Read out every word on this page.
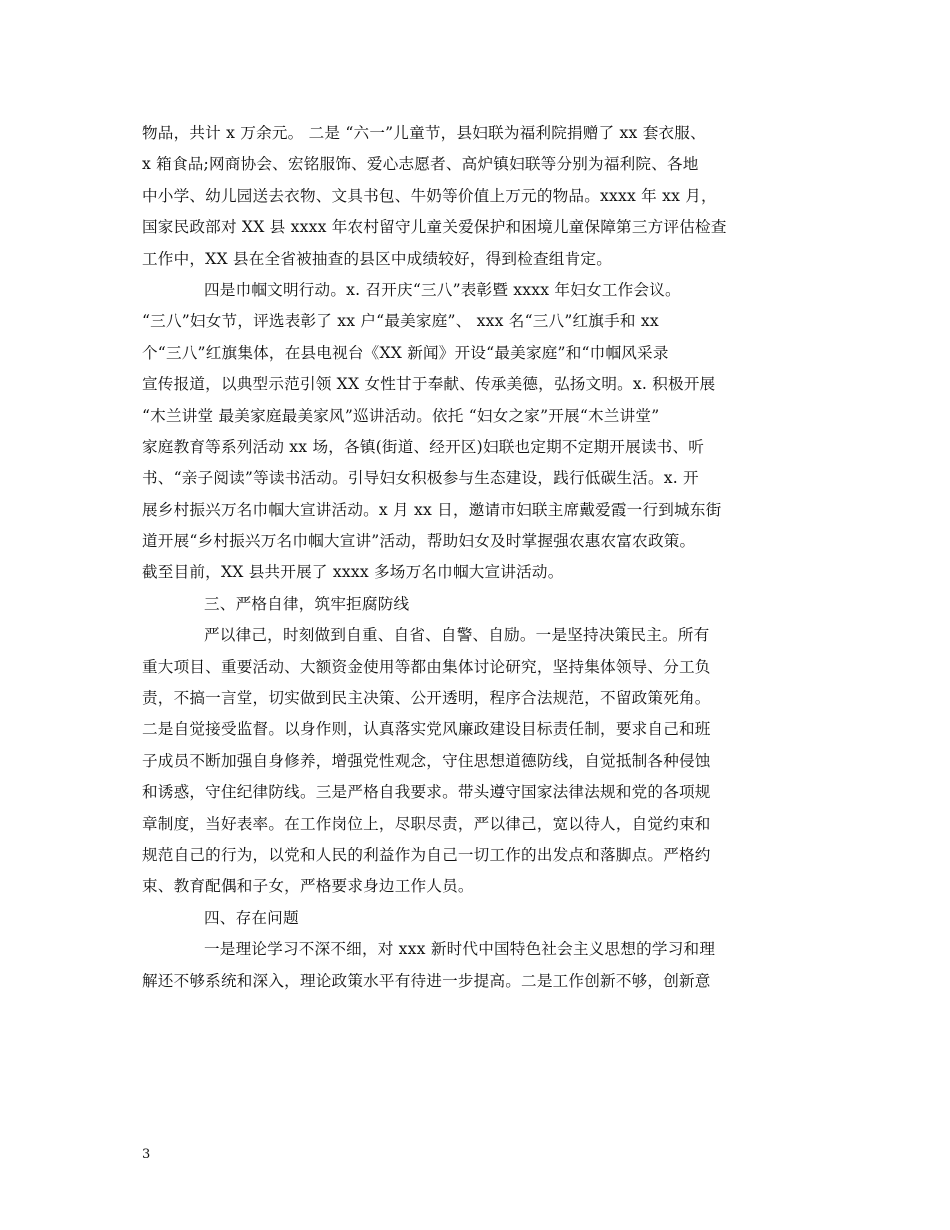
物品，共计 x 万余元。 二是 “六一”儿童节，县妇联为福利院捐赠了 xx 套衣服、
x 箱食品;网商协会、宏铭服饰、爱心志愿者、高炉镇妇联等分别为福利院、各地
中小学、幼儿园送去衣物、文具书包、牛奶等价值上万元的物品。xxxx 年 xx 月，
国家民政部对 XX 县 xxxx 年农村留守儿童关爱保护和困境儿童保障第三方评估检查
工作中，XX 县在全省被抽查的县区中成绩较好，得到检查组肯定。
四是巾帼文明行动。x. 召开庆“三八”表彰暨 xxxx 年妇女工作会议。
“三八”妇女节，评选表彰了 xx 户“最美家庭”、 xxx 名“三八”红旗手和 xx
个“三八”红旗集体，在县电视台《XX 新闻》开设“最美家庭”和“巾帼风采录
宣传报道，以典型示范引领 XX 女性甘于奉献、传承美德，弘扬文明。x. 积极开展
“木兰讲堂 最美家庭最美家风”巡讲活动。依托 “妇女之家”开展“木兰讲堂”
家庭教育等系列活动 xx 场，各镇(街道、经开区)妇联也定期不定期开展读书、听
书、“亲子阅读”等读书活动。引导妇女积极参与生态建设，践行低碳生活。x. 开
展乡村振兴万名巾帼大宣讲活动。x 月 xx 日，邀请市妇联主席戴爱霞一行到城东街
道开展“乡村振兴万名巾帼大宣讲”活动，帮助妇女及时掌握强农惠农富农政策。
截至目前，XX 县共开展了 xxxx 多场万名巾帼大宣讲活动。
三、严格自律，筑牢拒腐防线
严以律己，时刻做到自重、自省、自警、自励。一是坚持决策民主。所有
重大项目、重要活动、大额资金使用等都由集体讨论研究，坚持集体领导、分工负
责，不搞一言堂，切实做到民主决策、公开透明，程序合法规范，不留政策死角。
二是自觉接受监督。以身作则，认真落实党风廉政建设目标责任制，要求自己和班
子成员不断加强自身修养，增强党性观念，守住思想道德防线，自觉抵制各种侵蚀
和诱惑，守住纪律防线。三是严格自我要求。带头遵守国家法律法规和党的各项规
章制度，当好表率。在工作岗位上，尽职尽责，严以律己，宽以待人，自觉约束和
规范自己的行为，以党和人民的利益作为自己一切工作的出发点和落脚点。严格约
束、教育配偶和子女，严格要求身边工作人员。
四、存在问题
一是理论学习不深不细，对 xxx 新时代中国特色社会主义思想的学习和理
解还不够系统和深入，理论政策水平有待进一步提高。二是工作创新不够，创新意
3
